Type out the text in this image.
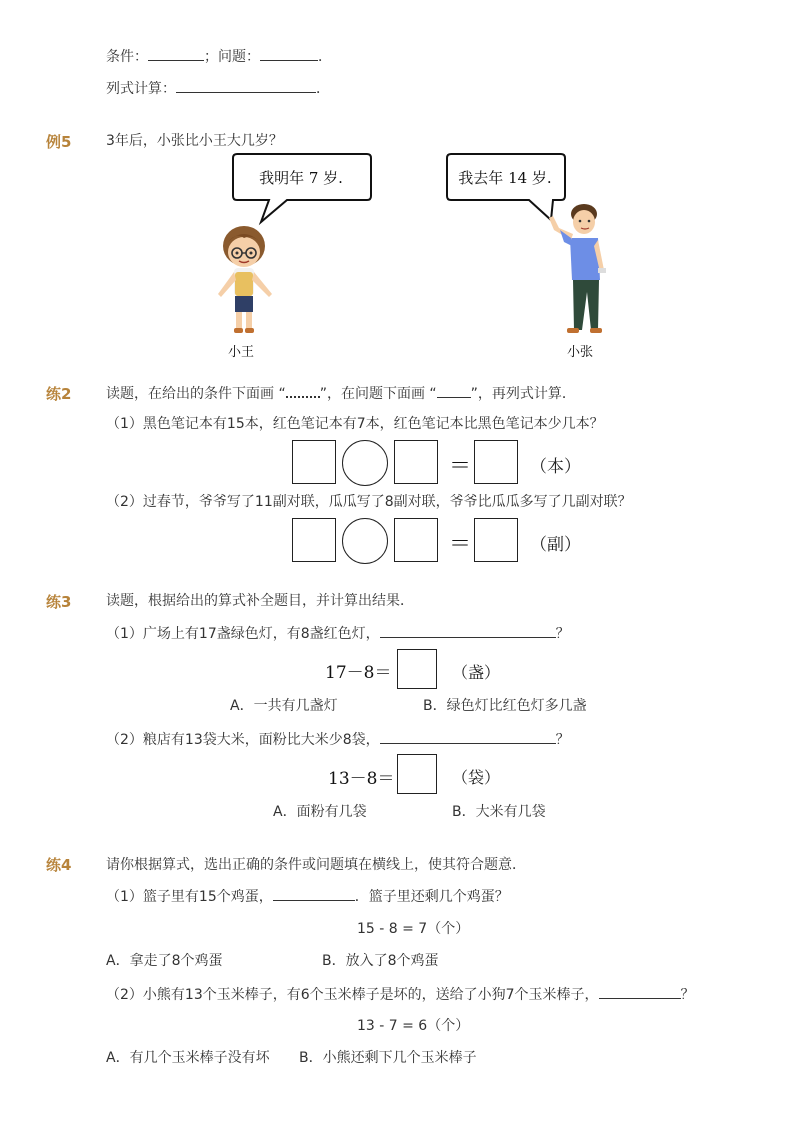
条件：	；问题：	．
列式计算：	．
例5 3年后，小张比小王大几岁？
我明年 7 岁.	我去年 14 岁.
小王	小张
练2 读题，在给出的条件下面画 “ ”，在问题下面画 “ ”，再列式计算．
（1）黑色笔记本有15本，红色笔记本有7本，红色笔记本比黑色笔记本少几本？
＝	（本）
（2）过春节，爷爷写了11副对联，瓜瓜写了8副对联，爷爷比瓜瓜多写了几副对联？
＝	（副）
练3 读题，根据给出的算式补全题目，并计算出结果．
（1）广场上有17盏绿色灯，有8盏红色灯，	？
17－8＝	（盏）
A．一共有几盏灯	B．绿色灯比红色灯多几盏
（2）粮店有13袋大米，面粉比大米少8袋，	？
13－8＝	（袋）
A．面粉有几袋	B．大米有几袋
练4 请你根据算式，选出正确的条件或问题填在横线上，使其符合题意．
（1）篮子里有15个鸡蛋，	．篮子里还剩几个鸡蛋？
15 - 8 = 7（个）
A．拿走了8个鸡蛋	B．放入了8个鸡蛋
（2）小熊有13个玉米棒子，有6个玉米棒子是坏的，送给了小狗7个玉米棒子，	？
13 - 7 = 6（个）
A．有几个玉米棒子没有坏 B．小熊还剩下几个玉米棒子
